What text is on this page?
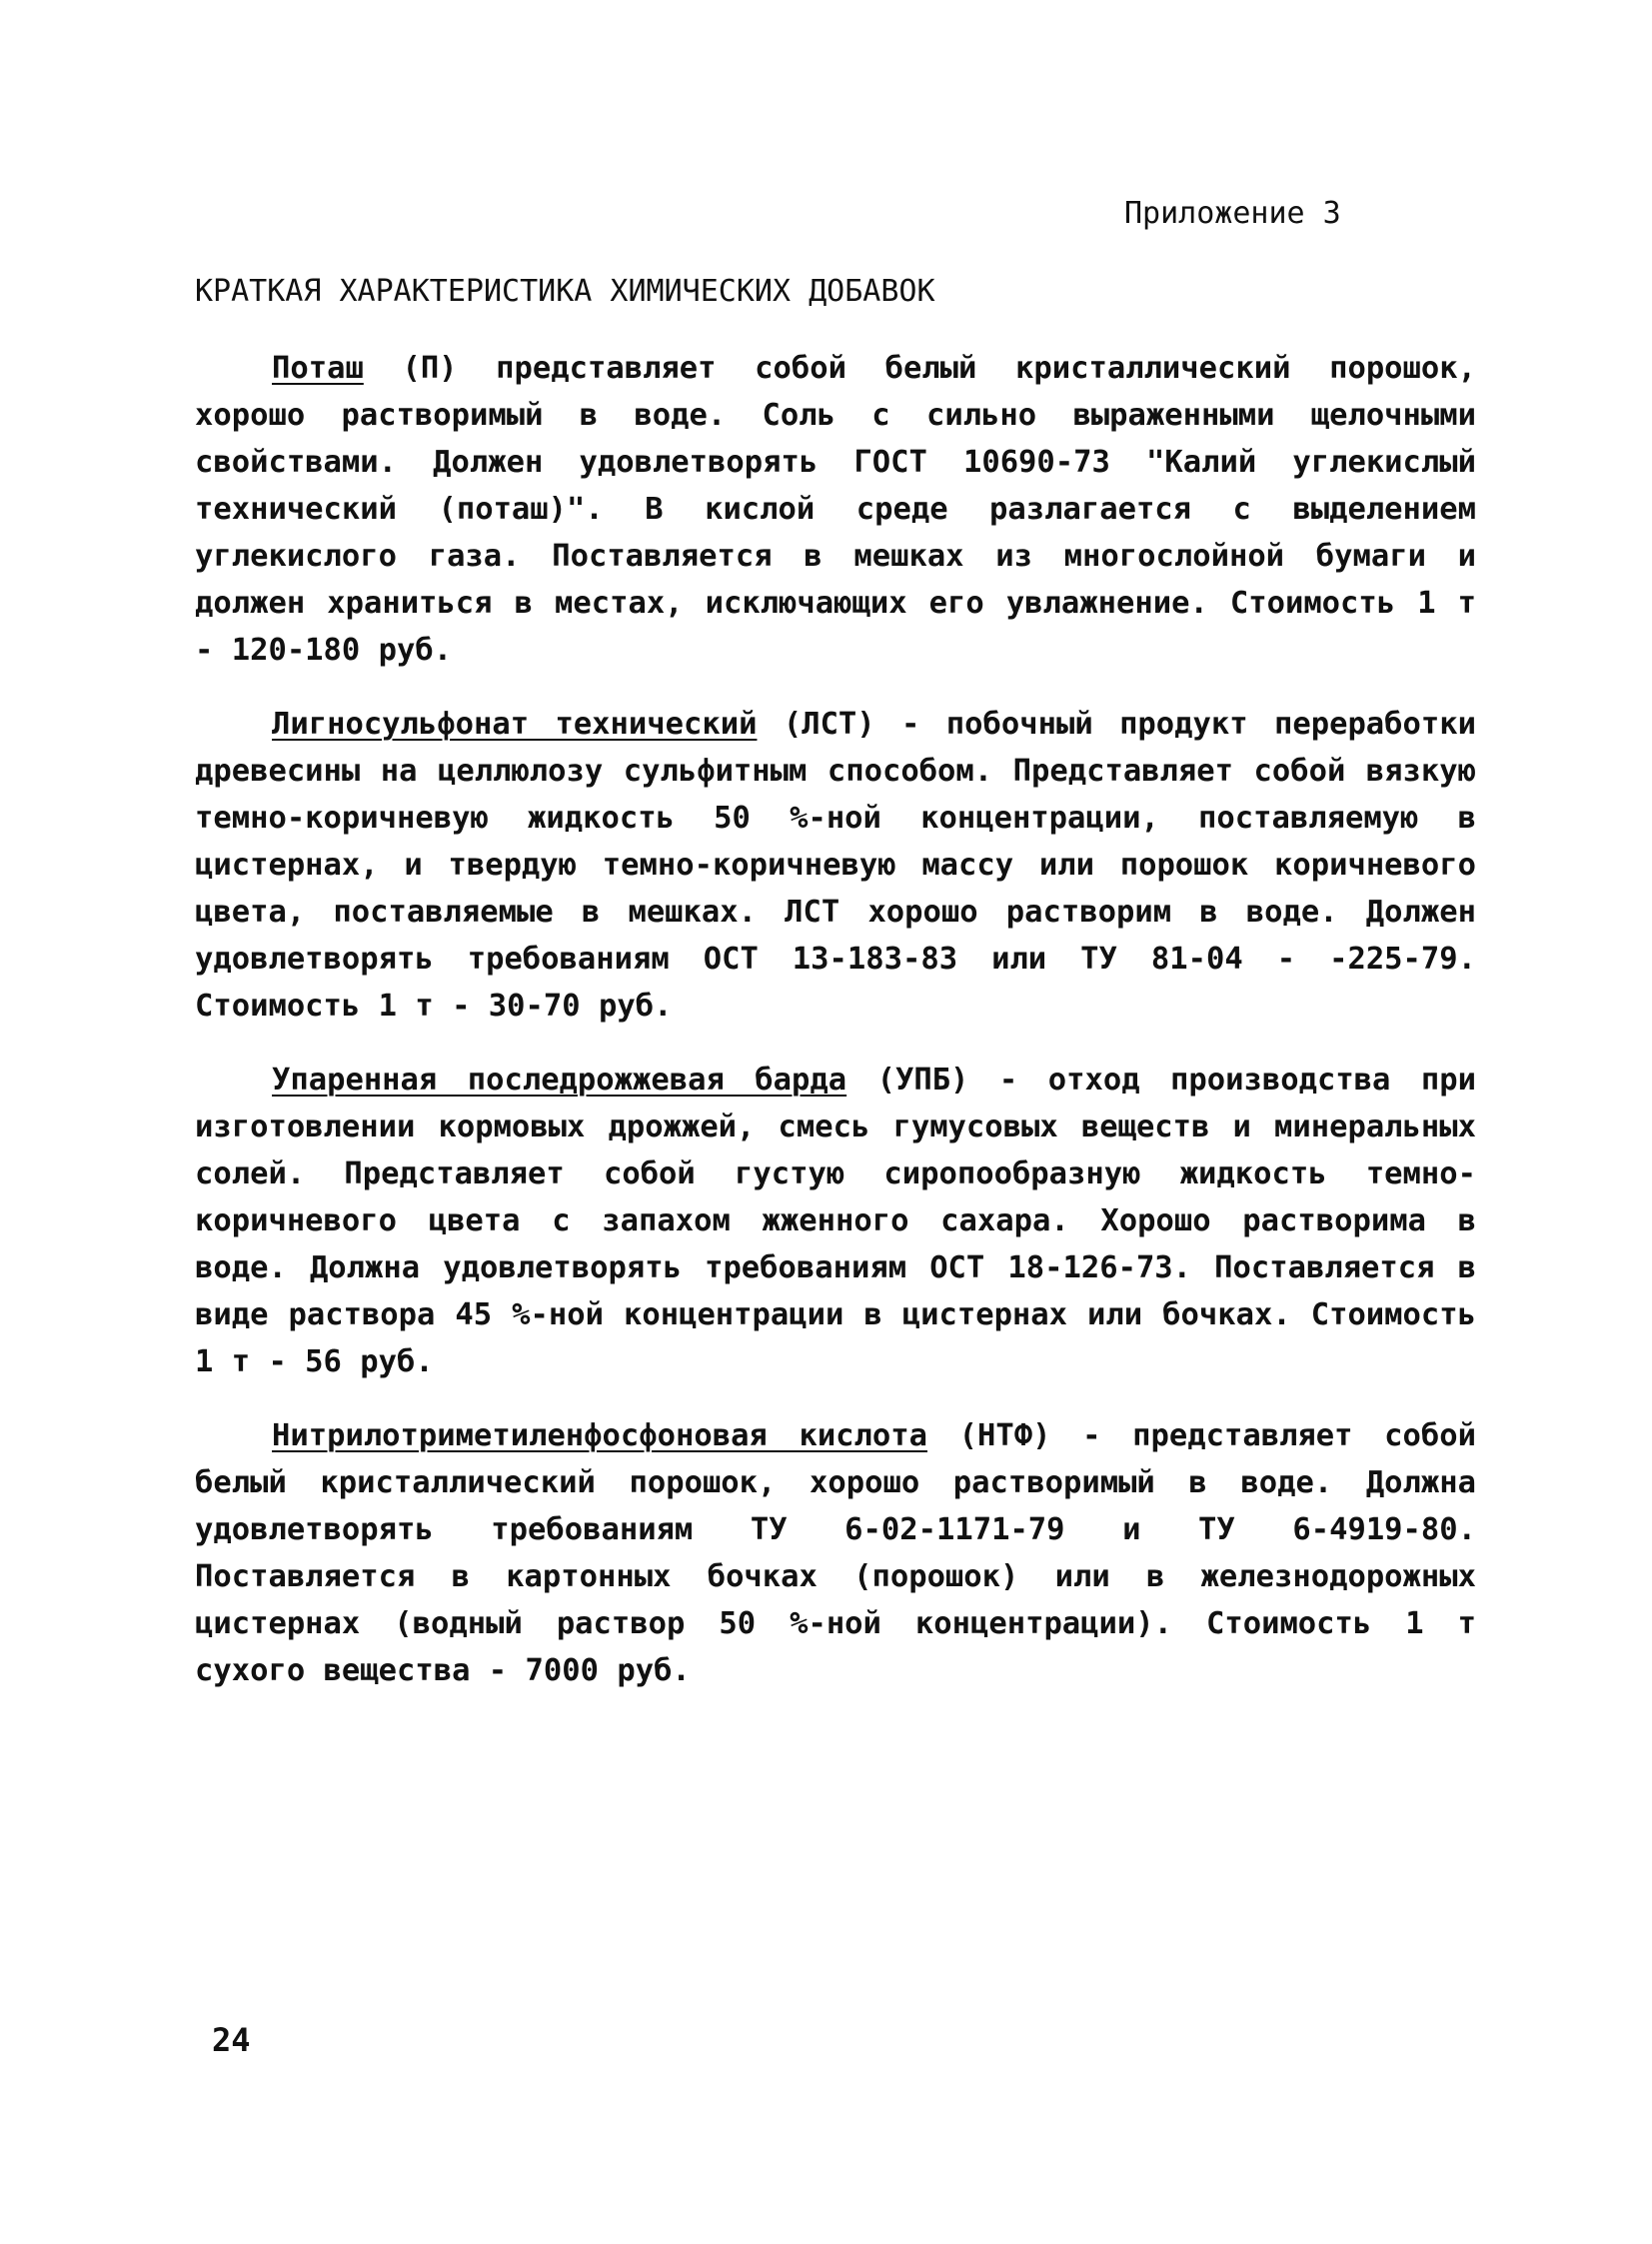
Приложение 3
КРАТКАЯ ХАРАКТЕРИСТИКА ХИМИЧЕСКИХ ДОБАВОК

Поташ (П) представляет собой белый кристаллический порошок, хорошо растворимый в воде. Соль с сильно выраженными щелочными свойствами. Должен удовлетворять ГОСТ 10690-73 "Калий углекислый технический (поташ)". В кислой среде разлагается с выделением углекислого газа. Поставляется в мешках из многослойной бумаги и должен храниться в местах, исключающих его увлажнение. Стоимость 1 т - 120-180 руб.

Лигносульфонат технический (ЛСТ) - побочный продукт переработки древесины на целлюлозу сульфитным способом. Представляет собой вязкую темно-коричневую жидкость 50 %-ной концентрации, поставляемую в цистернах, и твердую темно-коричневую массу или порошок коричневого цвета, поставляемые в мешках. ЛСТ хорошо растворим в воде. Должен удовлетворять требованиям ОСТ 13-183-83 или ТУ 81-04 - -225-79. Стоимость 1 т - 30-70 руб.

Упаренная последрожжевая барда (УПБ) - отход производства при изготовлении кормовых дрожжей, смесь гумусовых веществ и минеральных солей. Представляет собой густую сиропообразную жидкость темно-коричневого цвета с запахом жженного сахара. Хорошо растворима в воде. Должна удовлетворять требованиям ОСТ 18-126-73. Поставляется в виде раствора 45 %-ной концентрации в цистернах или бочках. Стоимость 1 т - 56 руб.

Нитрилотриметиленфосфоновая кислота (НТФ) - представляет собой белый кристаллический порошок, хорошо растворимый в воде. Должна удовлетворять требованиям ТУ 6-02-1171-79 и ТУ 6-4919-80. Поставляется в картонных бочках (порошок) или в железнодорожных цистернах (водный раствор 50 %-ной концентрации). Стоимость 1 т сухого вещества - 7000 руб.

24
